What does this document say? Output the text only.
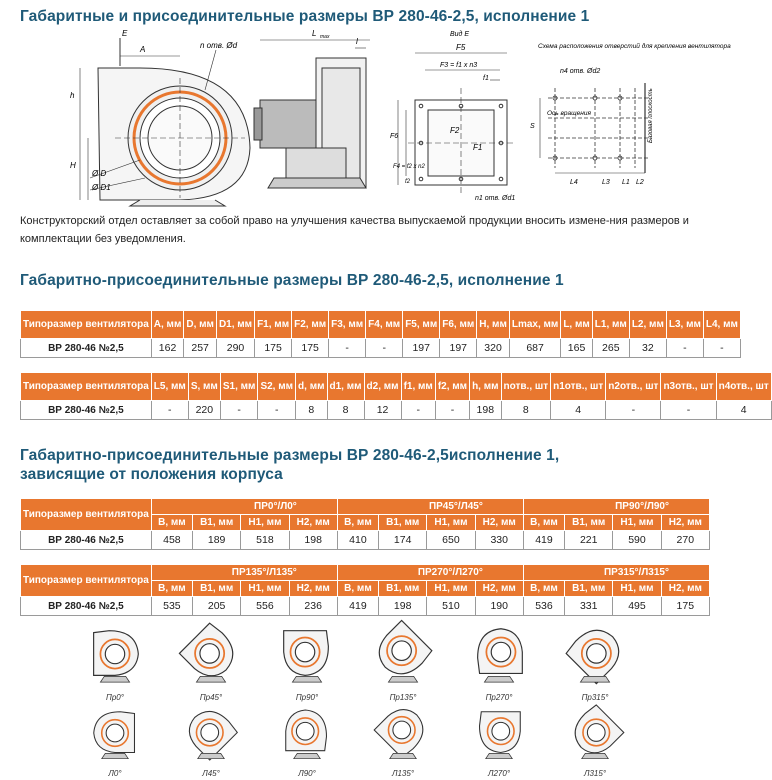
Габаритные и присоединительные размеры ВР 280-46-2,5, исполнение 1
E
A	n отв. Ød
h
H
Ø D
Ø D1
L max	l
Вид E
F5
F3 = f1 x n3
f1
F6
F4 = f2 x n2
f2
F2
F1
n1 отв. Ød1
Схема расположения отверстий для крепления вентилятора
n4 отв. Ød2
S
Ось вращения	Базовая плоскость
L4	L3 L1 L2
Конструкторский отдел оставляет за собой право на улучшения качества выпускаемой продукции вносить измене-ния размеров и комплектации без уведомления.
Габаритно-присоединительные размеры ВР 280-46-2,5, исполнение 1
Типоразмер вентилятора	А, мм	D, мм	D1, мм	F1, мм	F2, мм	F3, мм	F4, мм	F5, мм	F6, мм	H, мм	Lmax, мм	L, мм	L1, мм	L2, мм	L3, мм	L4, мм
ВР 280-46 №2,5	162	257	290	175	175	-	-	197	197	320	687	165	265	32	-	-
Типоразмер вентилятора	L5, мм	S, мм	S1, мм	S2, мм	d, мм	d1, мм	d2, мм	f1, мм	f2, мм	h, мм	nотв., шт	n1отв., шт	n2отв., шт	n3отв., шт	n4отв., шт
ВР 280-46 №2,5	-	220	-	-	8	8	12	-	-	198	8	4	-	-	4
Габаритно-присоединительные размеры ВР 280-46-2,5исполнение 1,
зависящие от положения корпуса
Типоразмер вентилятора	ПР0°/Л0°				ПР45°/Л45°				ПР90°/Л90°			
	B, мм	B1, мм	H1, мм	H2, мм	B, мм	B1, мм	H1, мм	H2, мм	B, мм	B1, мм	H1, мм	H2, мм
ВР 280-46 №2,5	458	189	518	198	410	174	650	330	419	221	590	270
Типоразмер вентилятора	ПР135°/Л135°				ПР270°/Л270°				ПР315°/Л315°			
	B, мм	B1, мм	H1, мм	H2, мм	B, мм	B1, мм	H1, мм	H2, мм	B, мм	B1, мм	H1, мм	H2, мм
ВР 280-46 №2,5	535	205	556	236	419	198	510	190	536	331	495	175
Пр0°	Пр45°	Пр90°	Пр135°	Пр270°	Пр315°
Л0°	Л45°	Л90°	Л135°	Л270°	Л315°
